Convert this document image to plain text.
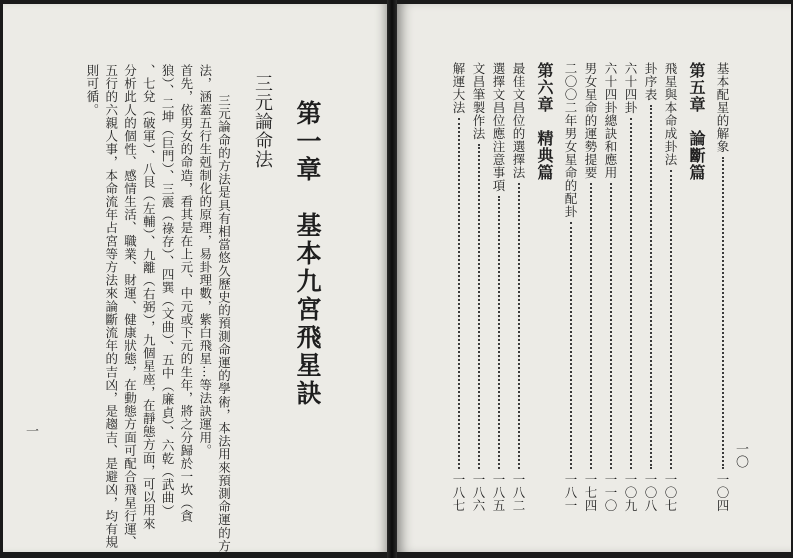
第一章　基本九宮飛星訣
三元論命法
三元論命的方法是具有相當悠久歷史的預測命運的學術，本法用來預測命運的方
法，涵蓋五行生剋制化的原理，易卦理數，紫白飛星⋯等法訣運用。
首先，依男女的命造，看其是在上元、中元或下元的生年，將之分歸於一坎（貪
狼）、二坤（巨門）、三震（祿存）、四巽（文曲）、五中（廉貞）、六乾（武曲）
、七兌（破軍）、八艮（左輔）、九離（右弼），九個星座，在靜態方面，可以用來
分析此人的個性、感情生活、職業、財運、健康狀態，在動態方面可配合飛星行運、
五行的六親人事，本命流年占宮等方法來論斷流年的吉凶，是趨吉、是避凶，均有規
則可循。
一
一〇
基本配星的解象
一〇四
第五章　論斷篇
飛星與本命成卦法
一〇七
卦序表
一〇八
六十四卦
一〇九
六十四卦總訣和應用
一一〇
男女星命的運勢提要
一七四
二〇〇二年男女星命的配卦
一八一
第六章　精典篇
最佳文昌位的選擇法
一八二
選擇文昌位應注意事項
一八五
文昌筆製作法
一八六
解運大法
一八七
